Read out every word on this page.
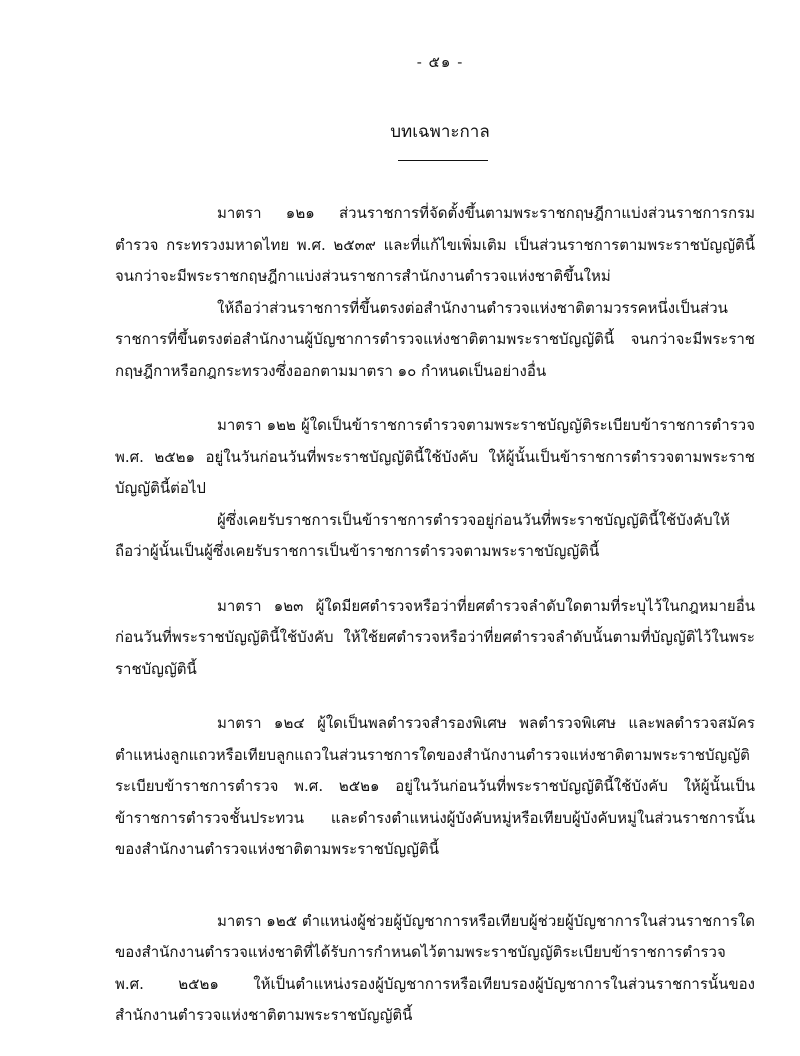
- ๕๑ -
บทเฉพาะกาล

มาตรา ๑๒๑ ส่วนราชการที่จัดตั้งขึ้นตามพระราชกฤษฎีกาแบ่งส่วนราชการกรมตำรวจ กระทรวงมหาดไทย พ.ศ. ๒๕๓๙ และที่แก้ไขเพิ่มเติม เป็นส่วนราชการตามพระราชบัญญัตินี้จนกว่าจะมีพระราชกฤษฎีกาแบ่งส่วนราชการสำนักงานตำรวจแห่งชาติขึ้นใหม่

ให้ถือว่าส่วนราชการที่ขึ้นตรงต่อสำนักงานตำรวจแห่งชาติตามวรรคหนึ่งเป็นส่วนราชการที่ขึ้นตรงต่อสำนักงานผู้บัญชาการตำรวจแห่งชาติตามพระราชบัญญัตินี้ จนกว่าจะมีพระราชกฤษฎีกาหรือกฎกระทรวงซึ่งออกตามมาตรา ๑๐ กำหนดเป็นอย่างอื่น

มาตรา ๑๒๒ ผู้ใดเป็นข้าราชการตำรวจตามพระราชบัญญัติระเบียบข้าราชการตำรวจ พ.ศ. ๒๕๒๑ อยู่ในวันก่อนวันที่พระราชบัญญัตินี้ใช้บังคับ ให้ผู้นั้นเป็นข้าราชการตำรวจตามพระราชบัญญัตินี้ต่อไป

ผู้ซึ่งเคยรับราชการเป็นข้าราชการตำรวจอยู่ก่อนวันที่พระราชบัญญัตินี้ใช้บังคับให้ถือว่าผู้นั้นเป็นผู้ซึ่งเคยรับราชการเป็นข้าราชการตำรวจตามพระราชบัญญัตินี้

มาตรา ๑๒๓ ผู้ใดมียศตำรวจหรือว่าที่ยศตำรวจลำดับใดตามที่ระบุไว้ในกฎหมายอื่นก่อนวันที่พระราชบัญญัตินี้ใช้บังคับ ให้ใช้ยศตำรวจหรือว่าที่ยศตำรวจลำดับนั้นตามที่บัญญัติไว้ในพระราชบัญญัตินี้

มาตรา ๑๒๔ ผู้ใดเป็นพลตำรวจสำรองพิเศษ พลตำรวจพิเศษ และพลตำรวจสมัคร ตำแหน่งลูกแถวหรือเทียบลูกแถวในส่วนราชการใดของสำนักงานตำรวจแห่งชาติตามพระราชบัญญัติระเบียบข้าราชการตำรวจ พ.ศ. ๒๕๒๑ อยู่ในวันก่อนวันที่พระราชบัญญัตินี้ใช้บังคับ ให้ผู้นั้นเป็นข้าราชการตำรวจชั้นประทวน และดำรงตำแหน่งผู้บังคับหมู่หรือเทียบผู้บังคับหมู่ในส่วนราชการนั้นของสำนักงานตำรวจแห่งชาติตามพระราชบัญญัตินี้

มาตรา ๑๒๕ ตำแหน่งผู้ช่วยผู้บัญชาการหรือเทียบผู้ช่วยผู้บัญชาการในส่วนราชการใดของสำนักงานตำรวจแห่งชาติที่ได้รับการกำหนดไว้ตามพระราชบัญญัติระเบียบข้าราชการตำรวจ พ.ศ. ๒๕๒๑ ให้เป็นตำแหน่งรองผู้บัญชาการหรือเทียบรองผู้บัญชาการในส่วนราชการนั้นของสำนักงานตำรวจแห่งชาติตามพระราชบัญญัตินี้
